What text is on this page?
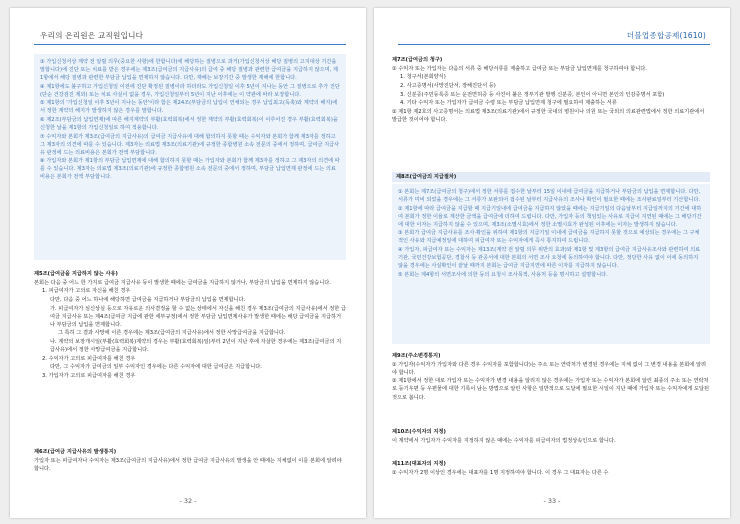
우리의 온리원은 교직원입니다

③ 가입신청서상 계약 전 알릴 의무(중요한 사항)에 한합니다)에 해당하는 질병으로 과거(가입신청서상 해당 질병의 고지대상 기간을 말합니다)에 진단 또는 치료를 받은 경우에는 제3조(급여금의 지급사유)의 급여 중 해당 질병과 관련한 급여금을 지급하지 않으며, 제1항에서 해당 질병과 관련한 부담금 납입을 면제하지 않습니다. 다만, 재해는 보장기간 중 발생한 재해에 한합니다.

④ 제1항에도 불구하고 가입신청일 이전에 진단 확정된 질병이라 하더라도 가입신청일 이후 5년이 지나는 동안 그 질병으로 추가 진단(단순 건강검진 제외) 또는 치료 사실이 없을 경우, 가입신청일부터 5년이 지난 이후에는 이 약관에 따라 보장합니다.

⑤ 제1항의 '가입신청일 이후 5년이 지나는 동안'이라 함은 제24조(부담금의 납입이 연체되는 경우 납입최고(독촉)와 계약의 해지)에서 정한 계약의 해지가 발생하지 않은 경우를 말합니다.

⑥ 제2조(부담금의 납입면제)에 따른 해지계약의 부활(효력회복)에서 정한 계약의 부활(효력회복)이 이루어진 경우 부활(효력회복)을 신청한 날을 제1항의 가입신청일로 하여 적용합니다.

⑦ 수익자와 본회가 제3조(급여금의 지급사유)의 급여금 지급사유에 대해 합의하지 못할 때는 수익자와 본회가 함께 제3자를 정하고 그 제3자의 의견에 따를 수 있습니다. 제3자는 의료법 제3조(의료기관)에 규정한 종합병원 소속 전문의 중에서 정하며, 급여금 지급사유 판정에 드는 의료비용은 본회가 전액 부담합니다.

⑧ 가입자와 본회가 제1항의 부담금 납입면제에 대해 합의하지 못할 때는 가입자와 본회가 함께 제3자를 정하고 그 제3자의 의견에 따를 수 있습니다. 제3자는 의료법 제3조(의료기관)에 규정한 종합병원 소속 전문의 중에서 정하며, 부담금 납입면제 판정에 드는 의료비용은 본회가 전액 부담합니다.

제5조(급여금을 지급하지 않는 사유)

본회는 다음 중 어느 한 가지로 급여금 지급사유 등이 발생한 때에는 급여금을 지급하지 않거나, 부담금의 납입을 면제하지 않습니다.

1. 피급여자가 고의로 자신을 해친 경우

다만, 다음 중 어느 하나에 해당하면 급여금을 지급하거나 부담금의 납입을 면제합니다.

가. 피급여자가 심신상실 등으로 자유로운 의사결정을 할 수 없는 상태에서 자신을 해친 경우 제3조(급여금의 지급사유)에서 정한 급여금 지급사유 또는 제4조(급여금 지급에 관한 세부규정)에서 정한 부담금 납입면제사유가 발생한 때에는 해당 급여금을 지급하거나 부담금의 납입을 면제합니다.

그 특히 그 결과 사망에 이른 경우에는 제3조(급여금의 지급사유)에서 정한 사망급여금을 지급합니다.

나. 계약의 보장개시일(부활(효력회복)계약의 경우는 부활(효력회복)일)부터 2년이 지난 후에 자살한 경우에는 제3조(급여금의 지급사유)에서 정한 사망급여금을 지급합니다.

2. 수익자가 고의로 피급여자를 해친 경우

다만, 그 수익자가 급여금의 일부 수익자인 경우에는 다른 수익자에 대한 급여금은 지급합니다.

3. 가입자가 고의로 피급여자를 해친 경우

제6조(급여금 지급사유의 발생통지)

가입자 또는 피급여자나 수익자는 제3조(급여금의 지급사유)에서 정한 급여금 지급사유의 발생을 안 때에는 지체없이 이를 본회에 알려야 합니다.

- 32 -
더블업종합공제(1610)

제7조(급여금의 청구)

① 수익자 또는 가입자는 다음의 서류 중 해당서류를 제출하고 급여금 또는 부담금 납입면제를 청구하여야 합니다.

1. 청구서(본회양식)

2. 사고증명서(사망진단서, 장해진단서 등)

3. 신분증(주민등록증 또는 운전면허증 등 사진이 붙은 정부기관 발행 신분증, 본인이 아니면 본인의 인감증명서 포함)

4. 기타 수익자 또는 가입자가 급여금 수령 또는 부담금 납입면제 청구에 필요하여 제출하는 서류

② 제1항 제2호의 사고증명서는 의료법 제3조(의료기관)에서 규정한 국내의 병원이나 의원 또는 국외의 의료관련법에서 정한 의료기관에서 발급한 것이어야 합니다.

제8조(급여금의 지급절차)

① 본회는 제7조(급여금의 청구)에서 정한 서류를 접수한 날부터 15일 이내에 급여금을 지급하거나 부담금의 납입을 면제합니다. 다만, 서류가 미비 되었을 경우에는 그 서류가 보완되어 접수된 날부터 지급사유의 조사나 확인이 필요한 때에는 조사완료일부터 기산합니다.

② 제1항에 따라 급여금을 지급할 때 지급기일내에 급여금을 지급하지 않았을 때에는 지급기일의 다음날부터 지급일까지의 기간에 대하여 본회가 정한 이율로 계산한 금액을 급여금에 더하여 드립니다. 다만, 가입자 등의 책임있는 사유로 지급이 지연된 때에는 그 해당기간에 대한 이자는 지급하지 않을 수 있으며, 제3조(소멸시효)에서 정한 소멸시효가 완성된 이후에는 이자는 발생하지 않습니다.

③ 본회가 급여금 지급사유를 조사·확인을 위하여 제1항의 지급기일 이내에 급여금을 지급하지 못할 것으로 예상되는 경우에는 그 구체적인 사유와 지급예정일에 대하여 피급여자 또는 수익자에게 즉시 통지하여 드립니다.

④ 가입자, 피급여자 또는 수익자는 제13조(계약 전 알릴 의무 위반의 효과)와 제1항 및 제3항의 급여금 지급사유조사와 관련하여 의료기관, 국민건강보험공단, 경찰서 등 관공서에 대한 본회의 서면 조사 요청에 동의하여야 합니다. 다만, 정당한 사유 없이 이에 동의하지 않을 경우에는 사실확인이 끝날 때까지 본회는 급여금 지급지연에 따른 이자를 지급하지 않습니다.

⑤ 본회는 제4항의 서면조사에 의한 등의 요청시 조사목적, 사용처 등을 명시하고 설명합니다.

제9조(주소변경통지)

① 가입자(수익자가 가입자와 다른 경우 수익자를 포함합니다)는 주소 또는 연락처가 변경된 경우에는 지체 없이 그 변경 내용을 본회에 알려야 합니다.

② 제1항에서 정한 대로 가입자 또는 수익자가 변경 내용을 알리지 않은 경우에는 가입자 또는 수익자가 본회에 알린 최종의 주소 또는 연락처로 등기우편 등 우편물에 대한 기록이 남는 방법으로 알린 사항은 일반적으로 도달에 필요한 시일이 지난 때에 가입자 또는 수익자에게 도달된 것으로 봅니다.

제10조(수익자의 지정)

이 계약에서 가입자가 수익자를 지정하지 않은 때에는 수익자를 피급여자의 법정상속인으로 합니다.

제11조(대표자의 지정)

① 수익자가 2명 이상인 경우에는 대표자를 1명 지정하여야 합니다. 이 경우 그 대표자는 다른 수

- 33 -
